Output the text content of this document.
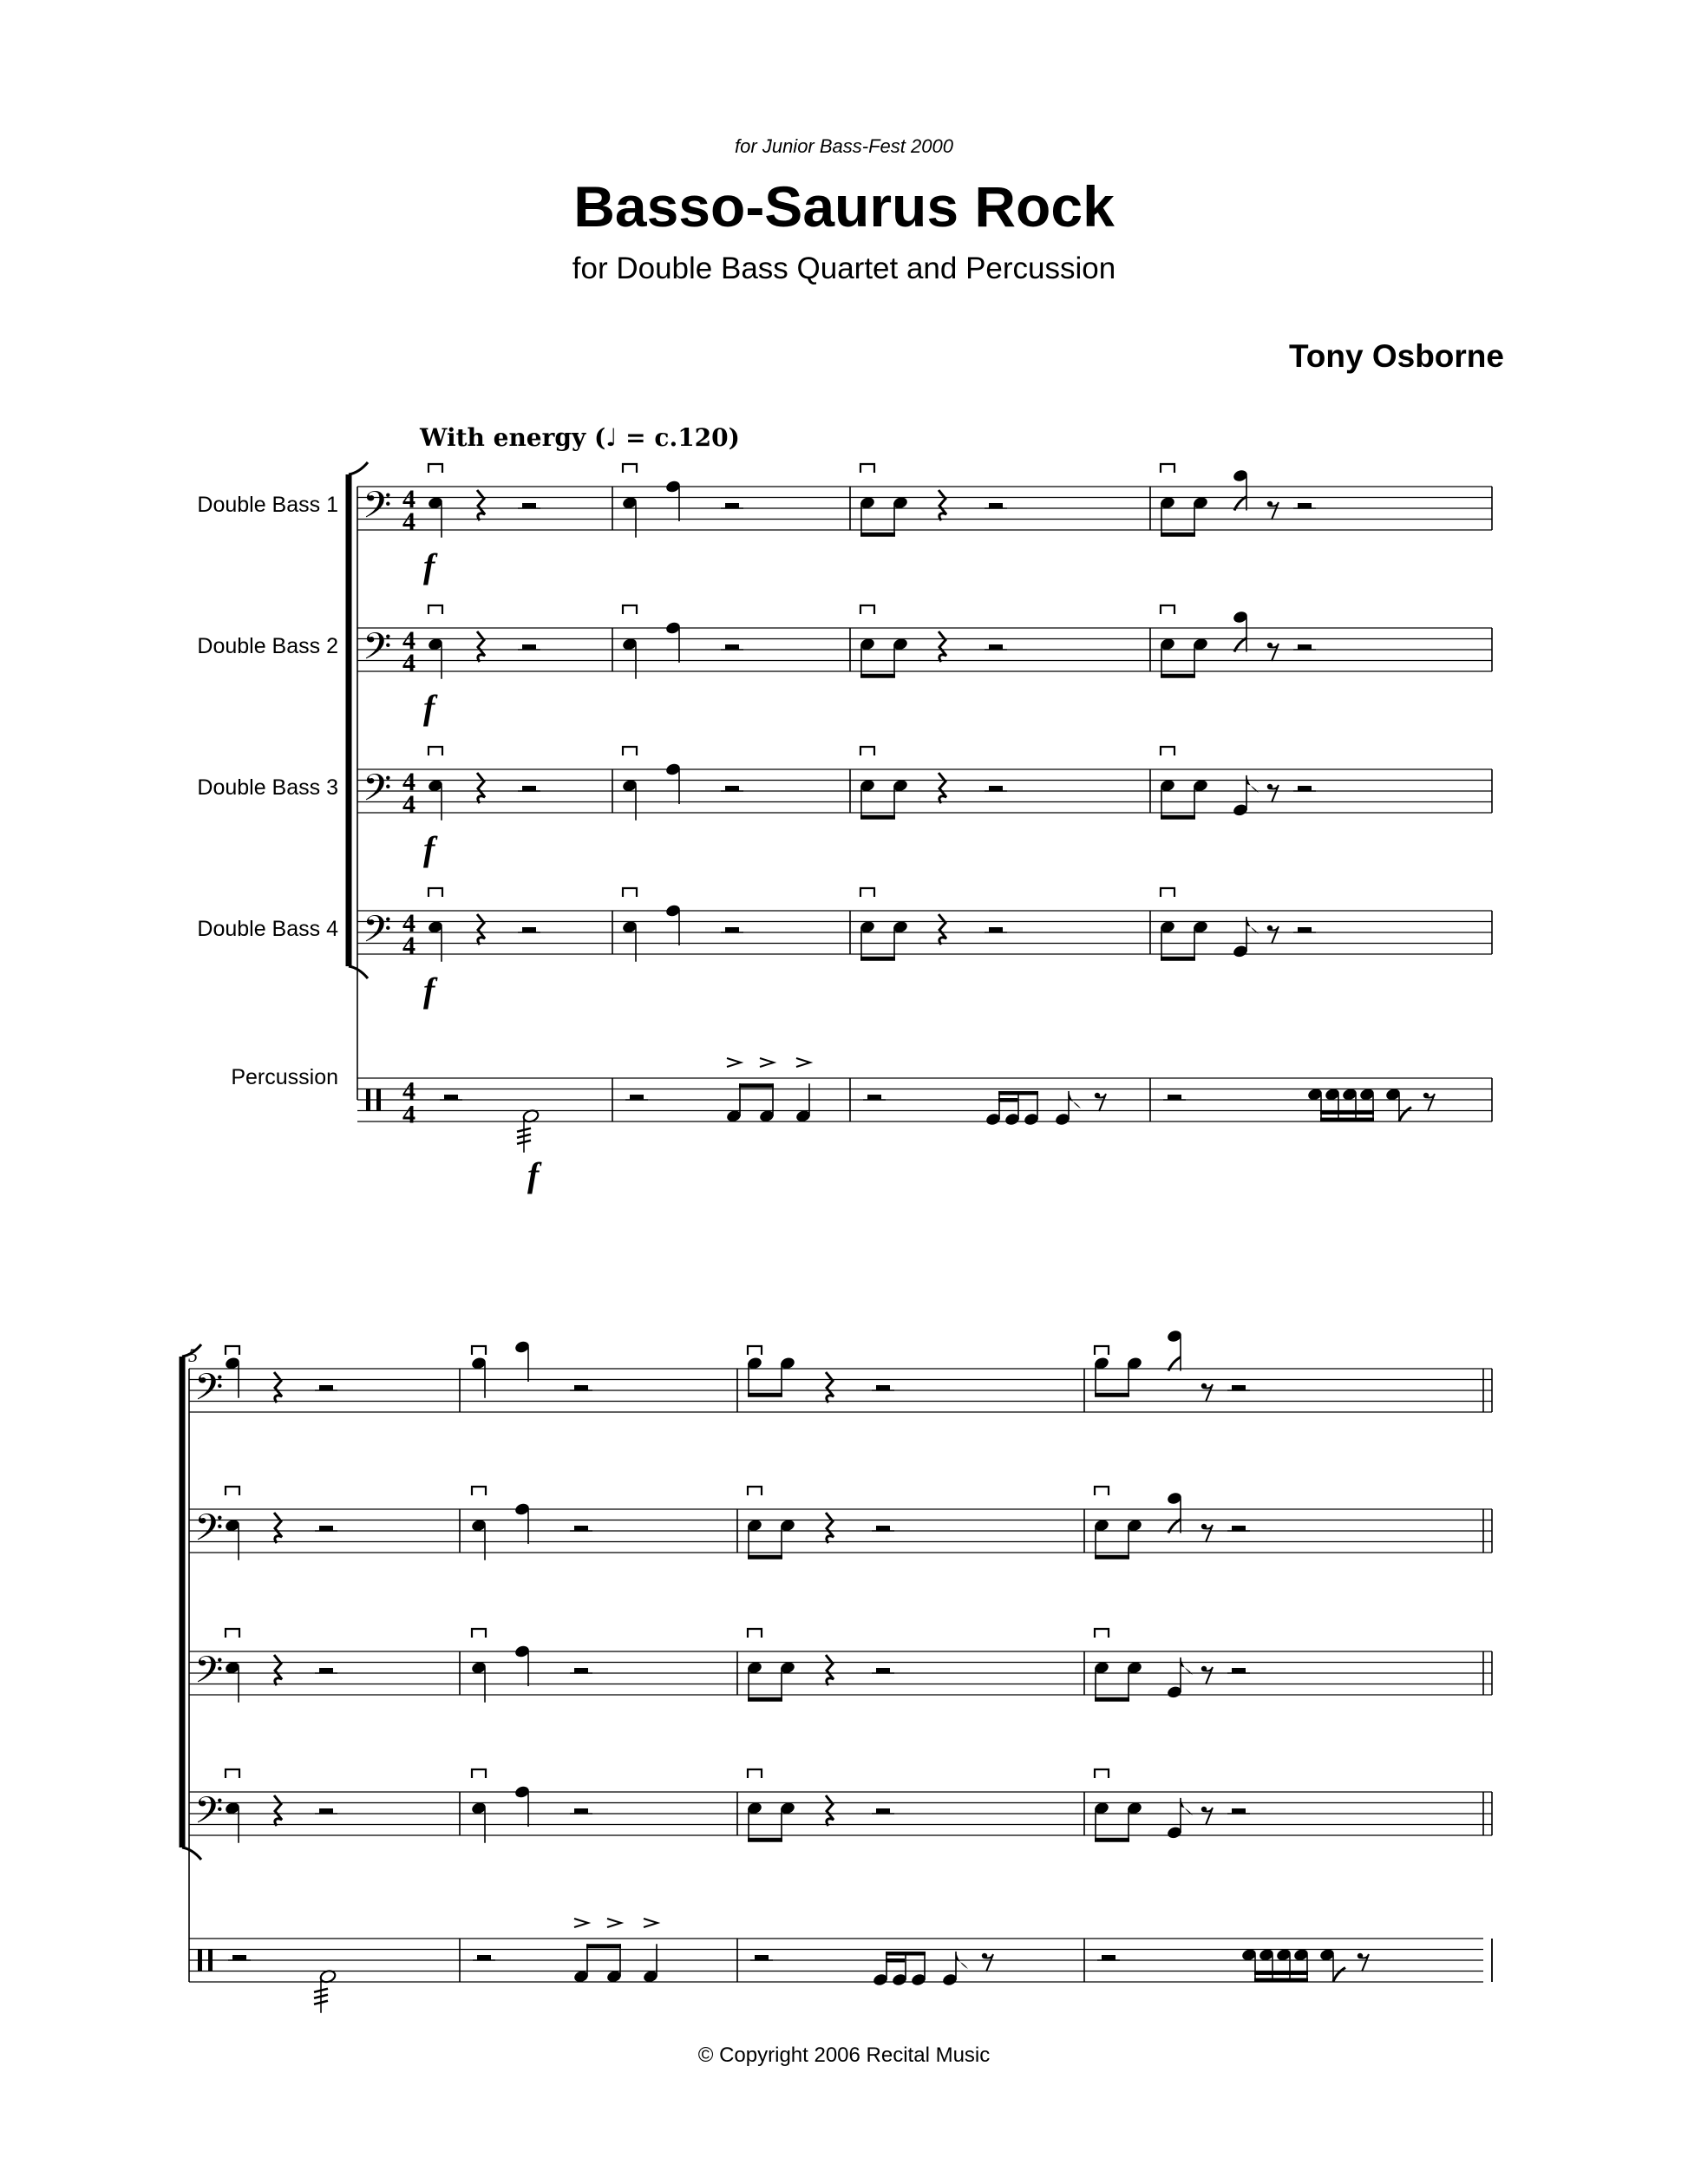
for Junior Bass-Fest 2000
Basso-Saurus Rock
for Double Bass Quartet and Percussion
Tony Osborne
With energy (♩ = c.120)
Double Bass 1
Double Bass 2
Double Bass 3
Double Bass 4
Percussion
5
© Copyright 2006 Recital Music
𝄢 4
4
f
𝄢 4
4
f
𝄢 4
4
f
𝄢 4
4
f
4
4
f
𝄢
𝄢
𝄢
𝄢
